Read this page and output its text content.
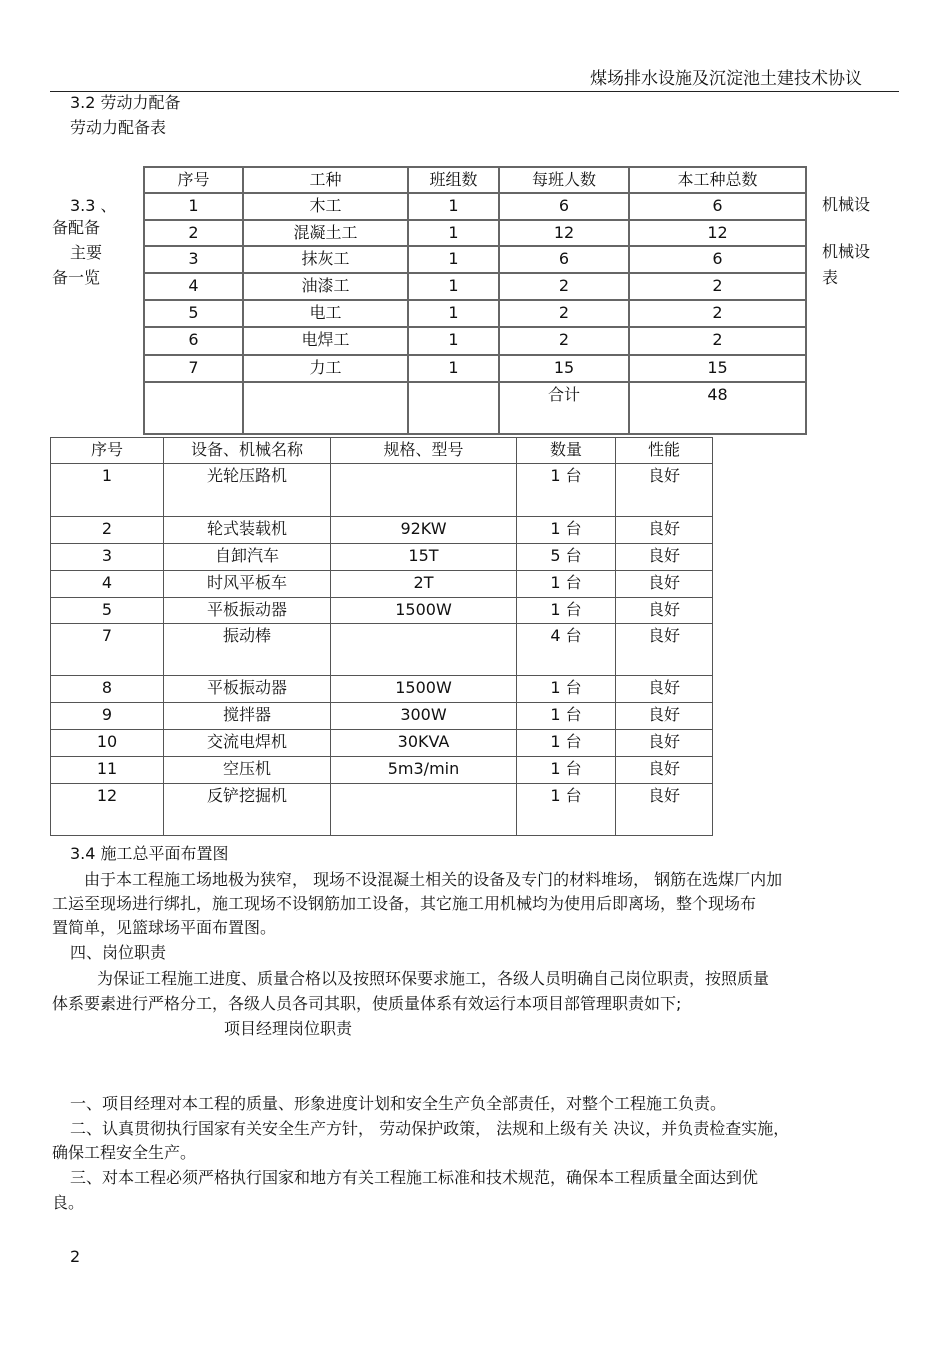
煤场排水设施及沉淀池土建技术协议
3.2 劳动力配备
劳动力配备表
3.3 、
备配备
主要
备一览
机械设
机械设
表
序号	工种	班组数	每班人数	本工种总数
1	木工	1	6	6
2	混凝土工	1	12	12
3	抹灰工	1	6	6
4	油漆工	1	2	2
5	电工	1	2	2
6	电焊工	1	2	2
7	力工	1	15	15
			合计	48
序号	设备、机械名称	规格、型号	数量	性能
1	光轮压路机		1 台	良好
2	轮式装载机	92KW	1 台	良好
3	自卸汽车	15T	5 台	良好
4	时风平板车	2T	1 台	良好
5	平板振动器	1500W	1 台	良好
7	振动棒		4 台	良好
8	平板振动器	1500W	1 台	良好
9	搅拌器	300W	1 台	良好
10	交流电焊机	30KVA	1 台	良好
11	空压机	5m3/min	1 台	良好
12	反铲挖掘机		1 台	良好
3.4 施工总平面布置图
由于本工程施工场地极为狭窄， 现场不设混凝土相关的设备及专门的材料堆场， 钢筋在选煤厂内加
工运至现场进行绑扎，施工现场不设钢筋加工设备，其它施工用机械均为使用后即离场，整个现场布
置简单，见篮球场平面布置图。
四、岗位职责
为保证工程施工进度、质量合格以及按照环保要求施工，各级人员明确自己岗位职责，按照质量
体系要素进行严格分工，各级人员各司其职，使质量体系有效运行本项目部管理职责如下;
项目经理岗位职责
一、项目经理对本工程的质量、形象进度计划和安全生产负全部责任，对整个工程施工负责。
二、认真贯彻执行国家有关安全生产方针， 劳动保护政策， 法规和上级有关 决议，并负责检查实施，
确保工程安全生产。
三、对本工程必须严格执行国家和地方有关工程施工标准和技术规范，确保本工程质量全面达到优
良。
2
